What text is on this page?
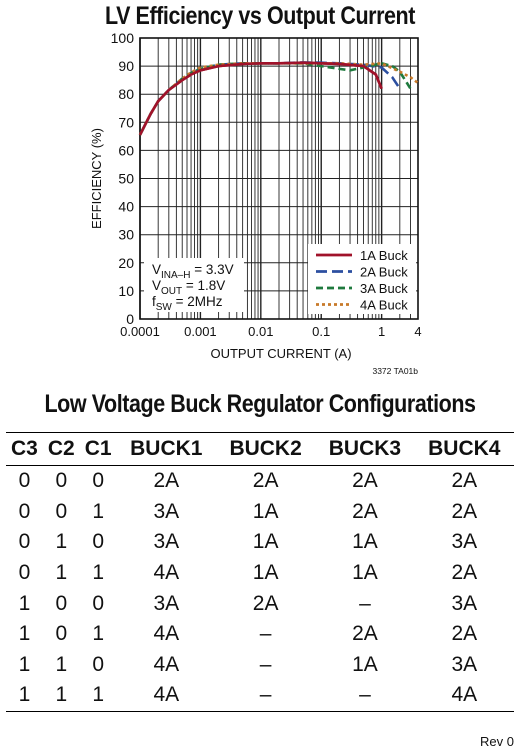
LV Efficiency vs Output Current
0
10
20
30
40
50
60
70
80
90
100
0.0001 0.001 0.01	0.1	1 4
OUTPUT CURRENT (A)
EFFICIENCY (%)
3372 TA01b
$V_{INA-H} = 3.3V$
$V_{OUT} = 1.8V$
$f_{SW} = 2MHz$
1A Buck
2A Buck
3A Buck
4A Buck
Low Voltage Buck Regulator Configurations
C3	C2	C1	BUCK1	BUCK2	BUCK3	BUCK4
0	0	0	2A	2A	2A	2A
0	0	1	3A	1A	2A	2A
0	1	0	3A	1A	1A	3A
0	1	1	4A	1A	1A	2A
1	0	0	3A	2A	–	3A
1	0	1	4A	–	2A	2A
1	1	0	4A	–	1A	3A
1	1	1	4A	–	–	4A
Rev 0
